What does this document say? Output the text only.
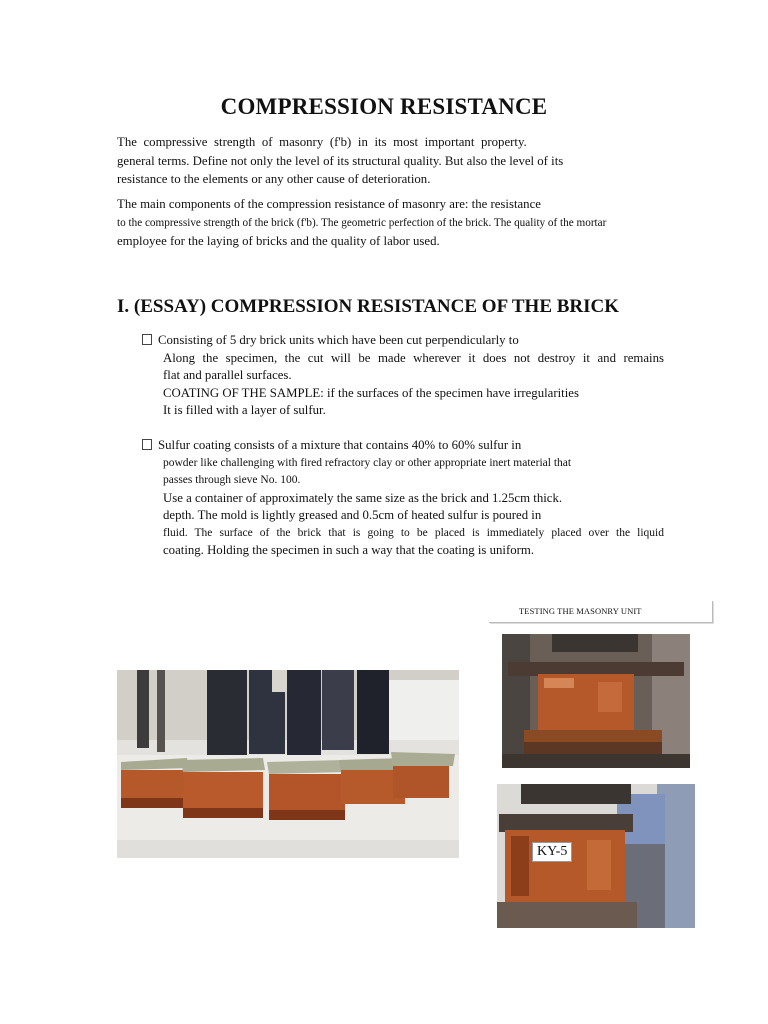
COMPRESSION RESISTANCE
The compressive strength of masonry (f'b) in its most important property.
general terms. Define not only the level of its structural quality. But also the level of its
resistance to the elements or any other cause of deterioration.
The main components of the compression resistance of masonry are: the resistance
to the compressive strength of the brick (f'b). The geometric perfection of the brick. The quality of the mortar
employee for the laying of bricks and the quality of labor used.
I. (ESSAY) COMPRESSION RESISTANCE OF THE BRICK
Consisting of 5 dry brick units which have been cut perpendicularly to
Along the specimen, the cut will be made wherever it does not destroy it and remains
flat and parallel surfaces.
COATING OF THE SAMPLE: if the surfaces of the specimen have irregularities
It is filled with a layer of sulfur.
Sulfur coating consists of a mixture that contains 40% to 60% sulfur in
powder like challenging with fired refractory clay or other appropriate inert material that
passes through sieve No. 100.
Use a container of approximately the same size as the brick and 1.25cm thick.
depth. The mold is lightly greased and 0.5cm of heated sulfur is poured in
fluid. The surface of the brick that is going to be placed is immediately placed over the liquid
coating. Holding the specimen in such a way that the coating is uniform.
TESTING THE MASONRY UNIT
KY-5
